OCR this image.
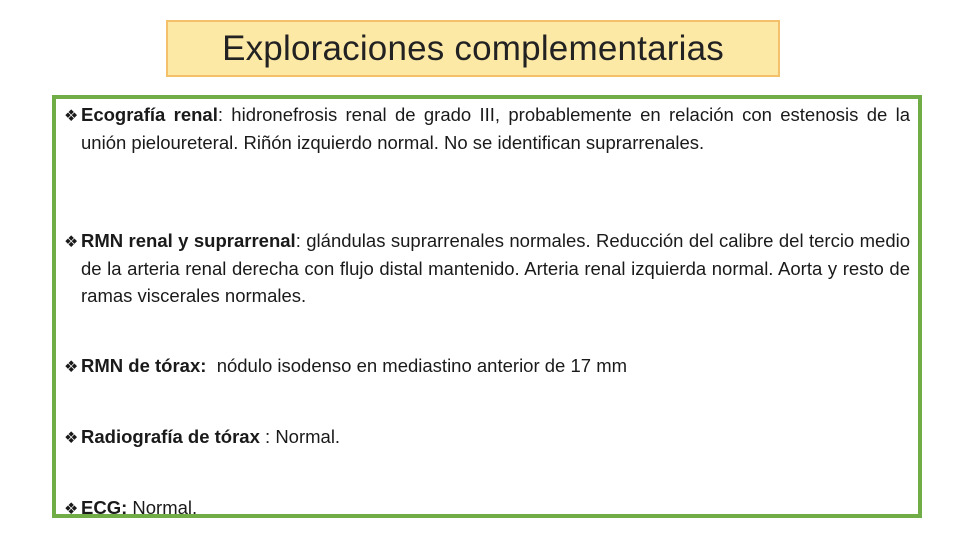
Exploraciones complementarias
❖ Ecografía renal: hidronefrosis renal de grado III, probablemente en relación con estenosis de la unión pieloureteral. Riñón izquierdo normal. No se identifican suprarrenales.
❖ RMN renal y suprarrenal: glándulas suprarrenales normales. Reducción del calibre del tercio medio de la arteria renal derecha con flujo distal mantenido. Arteria renal izquierda normal. Aorta y resto de ramas viscerales normales.
❖ RMN de tórax: nódulo isodenso en mediastino anterior de 17 mm
❖ Radiografía de tórax : Normal.
❖ ECG: Normal.
